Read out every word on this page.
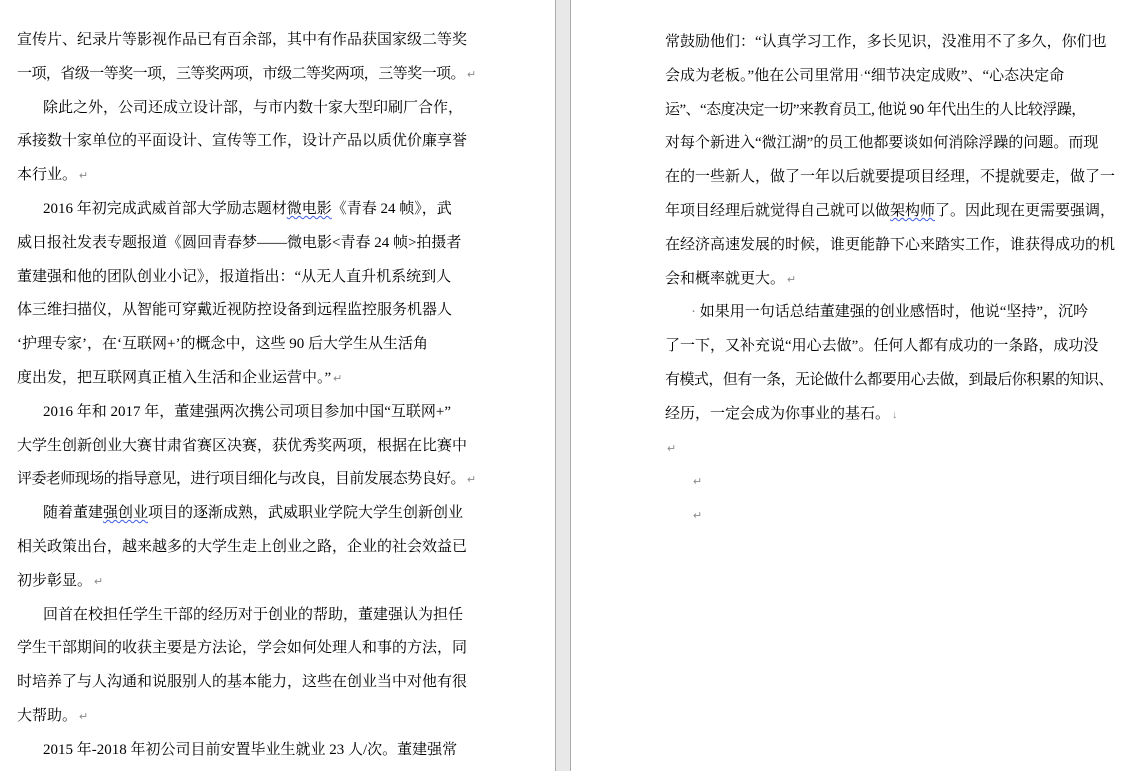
宣传片、纪录片等影视作品已有百余部，其中有作品获国家级二等奖
一项，省级一等奖一项，三等奖两项，市级二等奖两项，三等奖一项。 ↵
除此之外，公司还成立设计部，与市内数十家大型印刷厂合作，
承接数十家单位的平面设计、宣传等工作，设计产品以质优价廉享誉
本行业。 ↵
2016 年初完成武威首部大学励志题材微电影《青春 24 帧》，武
威日报社发表专题报道《圆回青春梦——微电影<青春 24 帧>拍摄者
董建强和他的团队创业小记》，报道指出：“从无人直升机系统到人
体三维扫描仪，从智能可穿戴近视防控设备到远程监控服务机器人
‘护理专家’，在‘互联网+’的概念中，这些 90 后大学生从生活角
度出发，把互联网真正植入生活和企业运营中。” ↵
2016 年和 2017 年，董建强两次携公司项目参加中国“互联网+”
大学生创新创业大赛甘肃省赛区决赛，获优秀奖两项，根据在比赛中
评委老师现场的指导意见，进行项目细化与改良，目前发展态势良好。 ↵
随着董建强创业项目的逐渐成熟，武威职业学院大学生创新创业
相关政策出台，越来越多的大学生走上创业之路，企业的社会效益已
初步彰显。 ↵
回首在校担任学生干部的经历对于创业的帮助，董建强认为担任
学生干部期间的收获主要是方法论，学会如何处理人和事的方法，同
时培养了与人沟通和说服别人的基本能力，这些在创业当中对他有很
大帮助。 ↵
2015 年-2018 年初公司目前安置毕业生就业 23 人/次。董建强常
常鼓励他们：“认真学习工作，多长见识，没准用不了多久，你们也
会成为老板。”他在公司里常用·“细节决定成败”、“心态决定命
运”、“态度决定一切”来教育员工, 他说 90 年代出生的人比较浮躁，
对每个新进入“微江湖”的员工他都要谈如何消除浮躁的问题。而现
在的一些新人，做了一年以后就要提项目经理，不提就要走，做了一
年项目经理后就觉得自己就可以做架构师了。因此现在更需要强调，
在经济高速发展的时候，谁更能静下心来踏实工作，谁获得成功的机
会和概率就更大。 ↵
· 如果用一句话总结董建强的创业感悟时，他说“坚持”，沉吟
了一下，又补充说“用心去做”。任何人都有成功的一条路，成功没
有模式，但有一条，无论做什么都要用心去做，到最后你积累的知识、
经历，一定会成为你事业的基石。 ↓
↵
↵
↵
